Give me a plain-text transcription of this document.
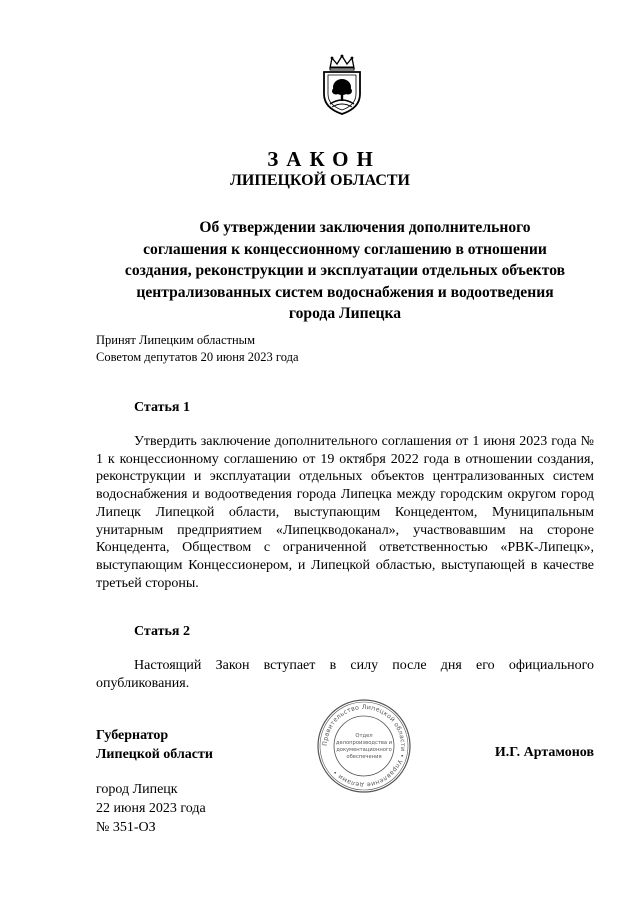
ЗАКОН
ЛИПЕЦКОЙ ОБЛАСТИ
Об утверждении заключения дополнительного
соглашения к концессионному соглашению в отношении
создания, реконструкции и эксплуатации отдельных объектов
централизованных систем водоснабжения и водоотведения
города Липецка
Принят Липецким областным
Советом депутатов 20 июня 2023 года
Статья 1

Утвердить заключение дополнительного соглашения от 1 июня 2023 года № 1 к концессионному соглашению от 19 октября 2022 года в отношении создания, реконструкции и эксплуатации отдельных объектов централизованных систем водоснабжения и водоотведения города Липецка между городским округом город Липецк Липецкой области, выступающим Концедентом, Муниципальным унитарным предприятием «Липецкводоканал», участвовавшим на стороне Концедента, Обществом с ограниченной ответственностью «РВК-Липецк», выступающим Концессионером, и Липецкой областью, выступающей в качестве третьей стороны.

Статья 2

Настоящий Закон вступает в силу после дня его официального опубликования.

Губернатор
Липецкой области
Правительство Липецкой области • Управление делами •
Отдел
делопроизводства и
документационного
обеспечения	И.Г. Артамонов
город Липецк
22 июня 2023 года
№ 351-ОЗ
